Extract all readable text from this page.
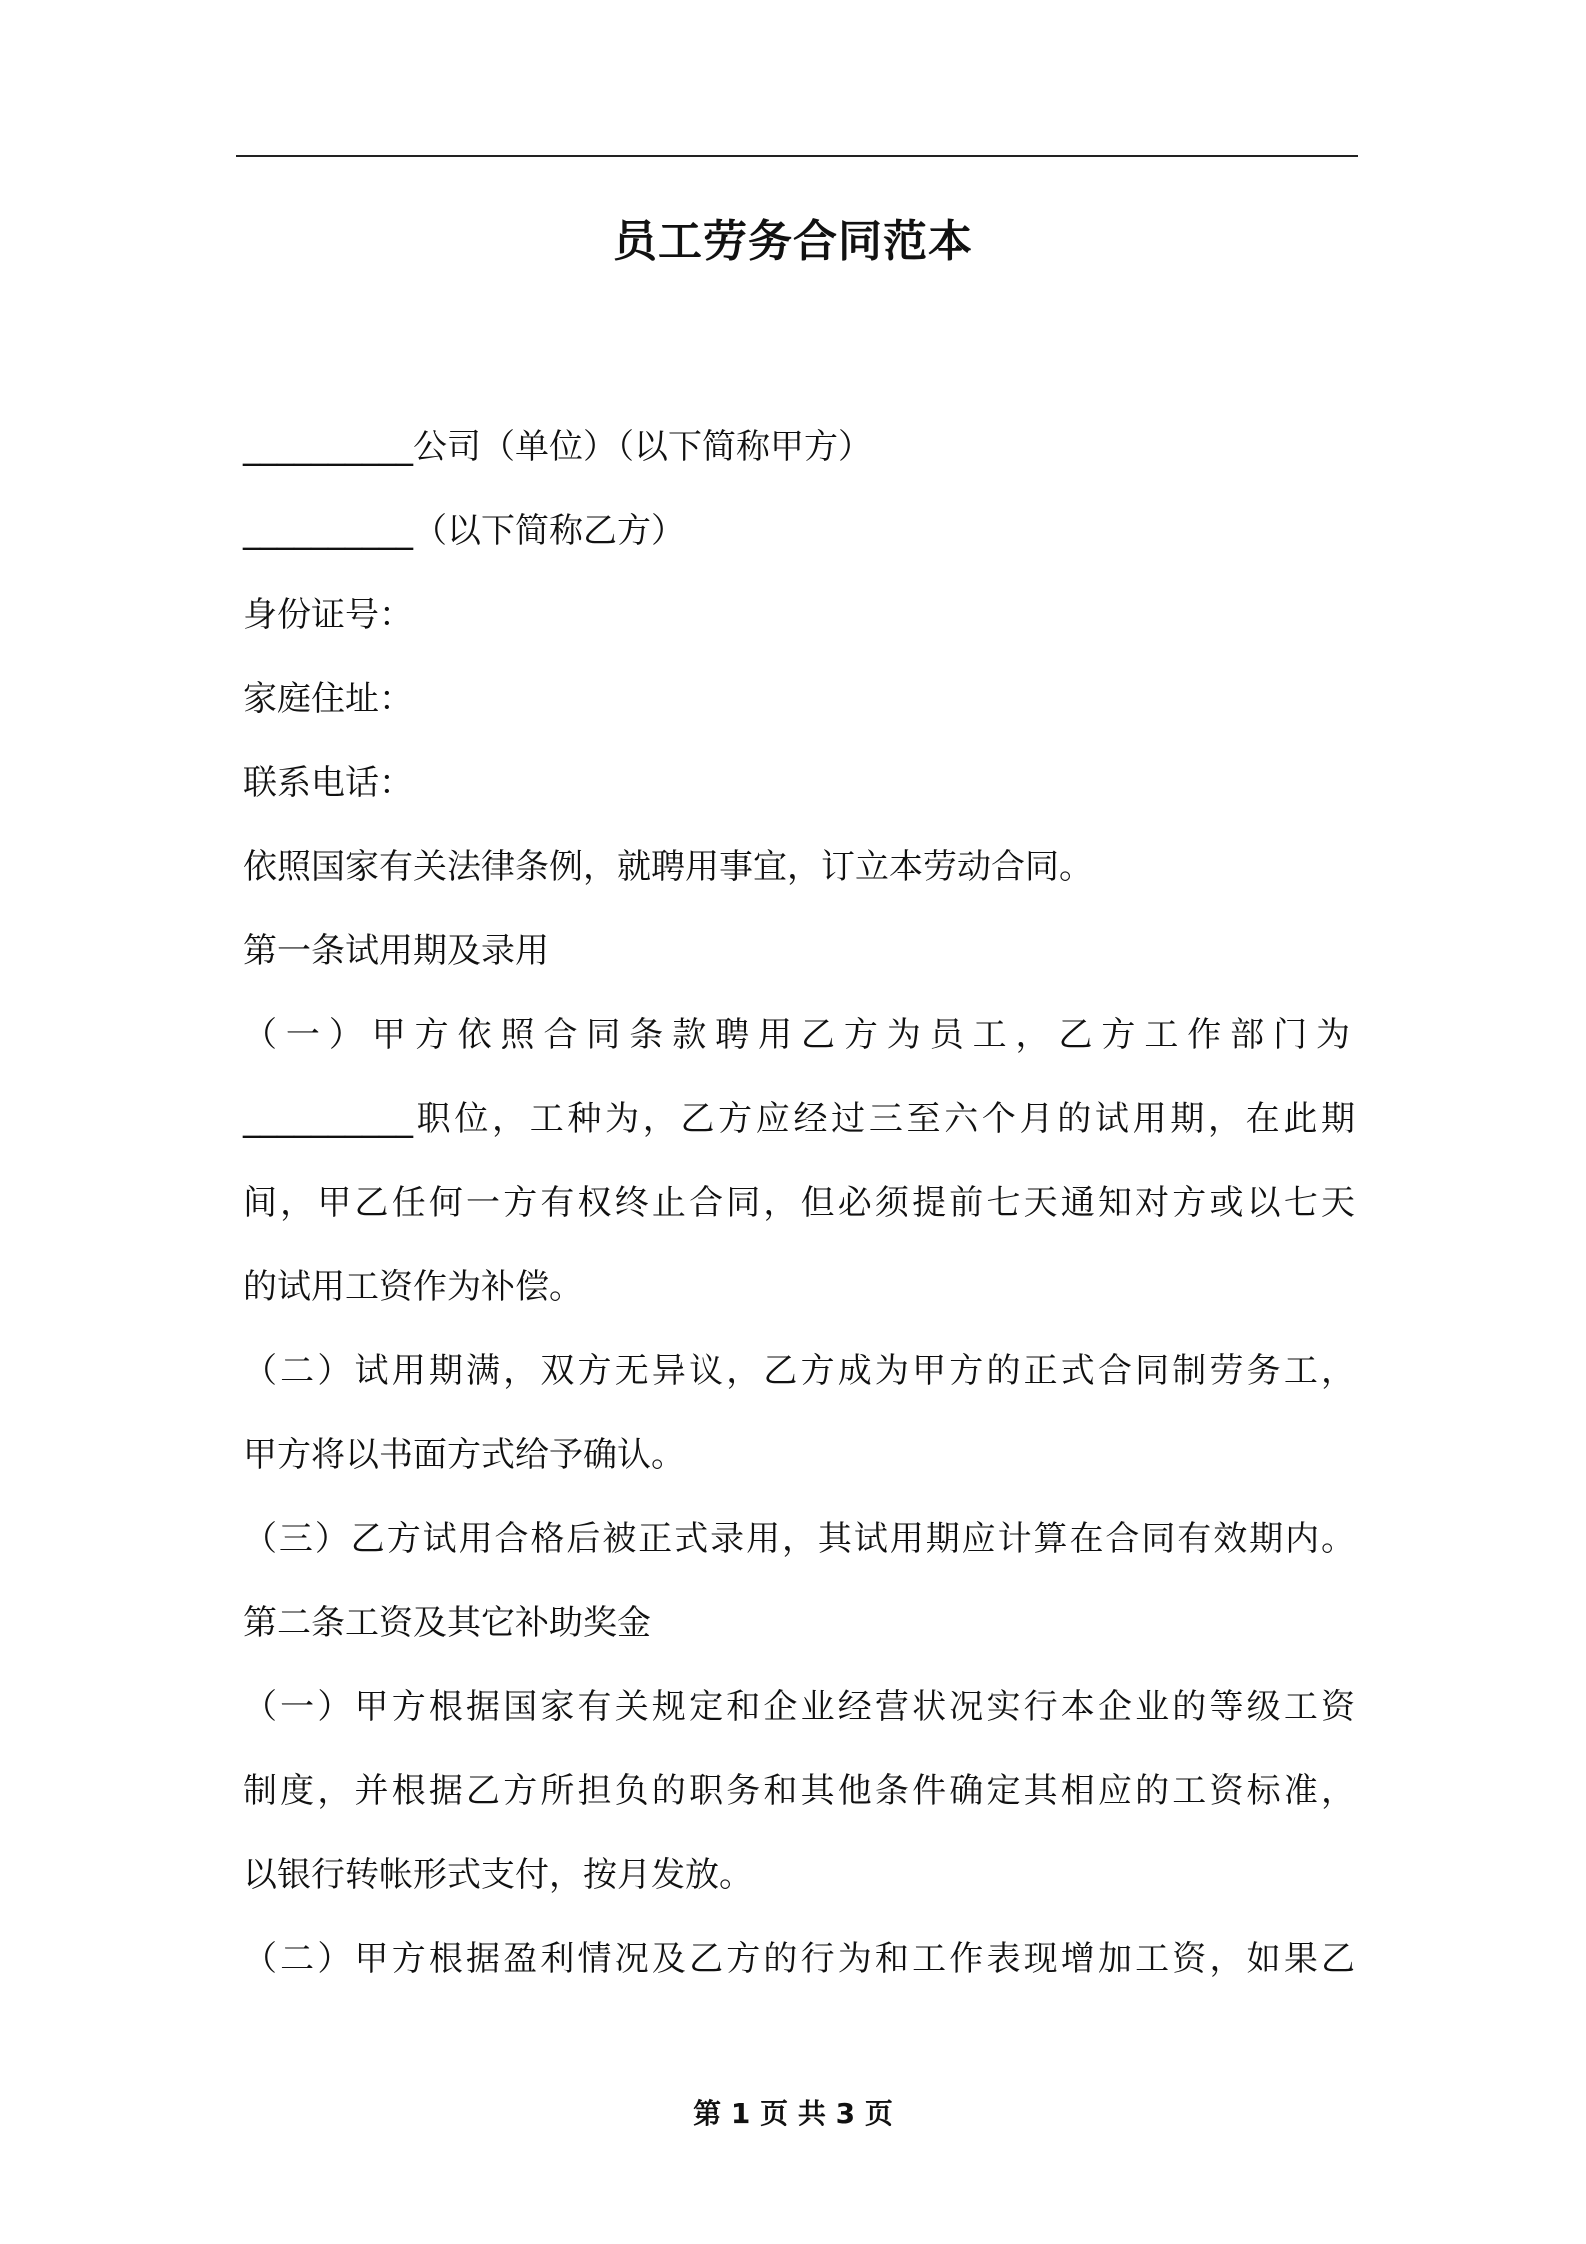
员工劳务合同范本
__________公司（单位）（以下简称甲方）
__________（以下简称乙方）
身份证号：
家庭住址：
联系电话：
依照国家有关法律条例，就聘用事宜，订立本劳动合同。
第一条试用期及录用
（一）甲方依照合同条款聘用乙方为员工，乙方工作部门为
__________职位，工种为，乙方应经过三至六个月的试用期，在此期
间，甲乙任何一方有权终止合同，但必须提前七天通知对方或以七天
的试用工资作为补偿。
（二）试用期满，双方无异议，乙方成为甲方的正式合同制劳务工，
甲方将以书面方式给予确认。
（三）乙方试用合格后被正式录用，其试用期应计算在合同有效期内。
第二条工资及其它补助奖金
（一）甲方根据国家有关规定和企业经营状况实行本企业的等级工资
制度，并根据乙方所担负的职务和其他条件确定其相应的工资标准，
以银行转帐形式支付，按月发放。
（二）甲方根据盈利情况及乙方的行为和工作表现增加工资，如果乙
第 1 页 共 3 页
